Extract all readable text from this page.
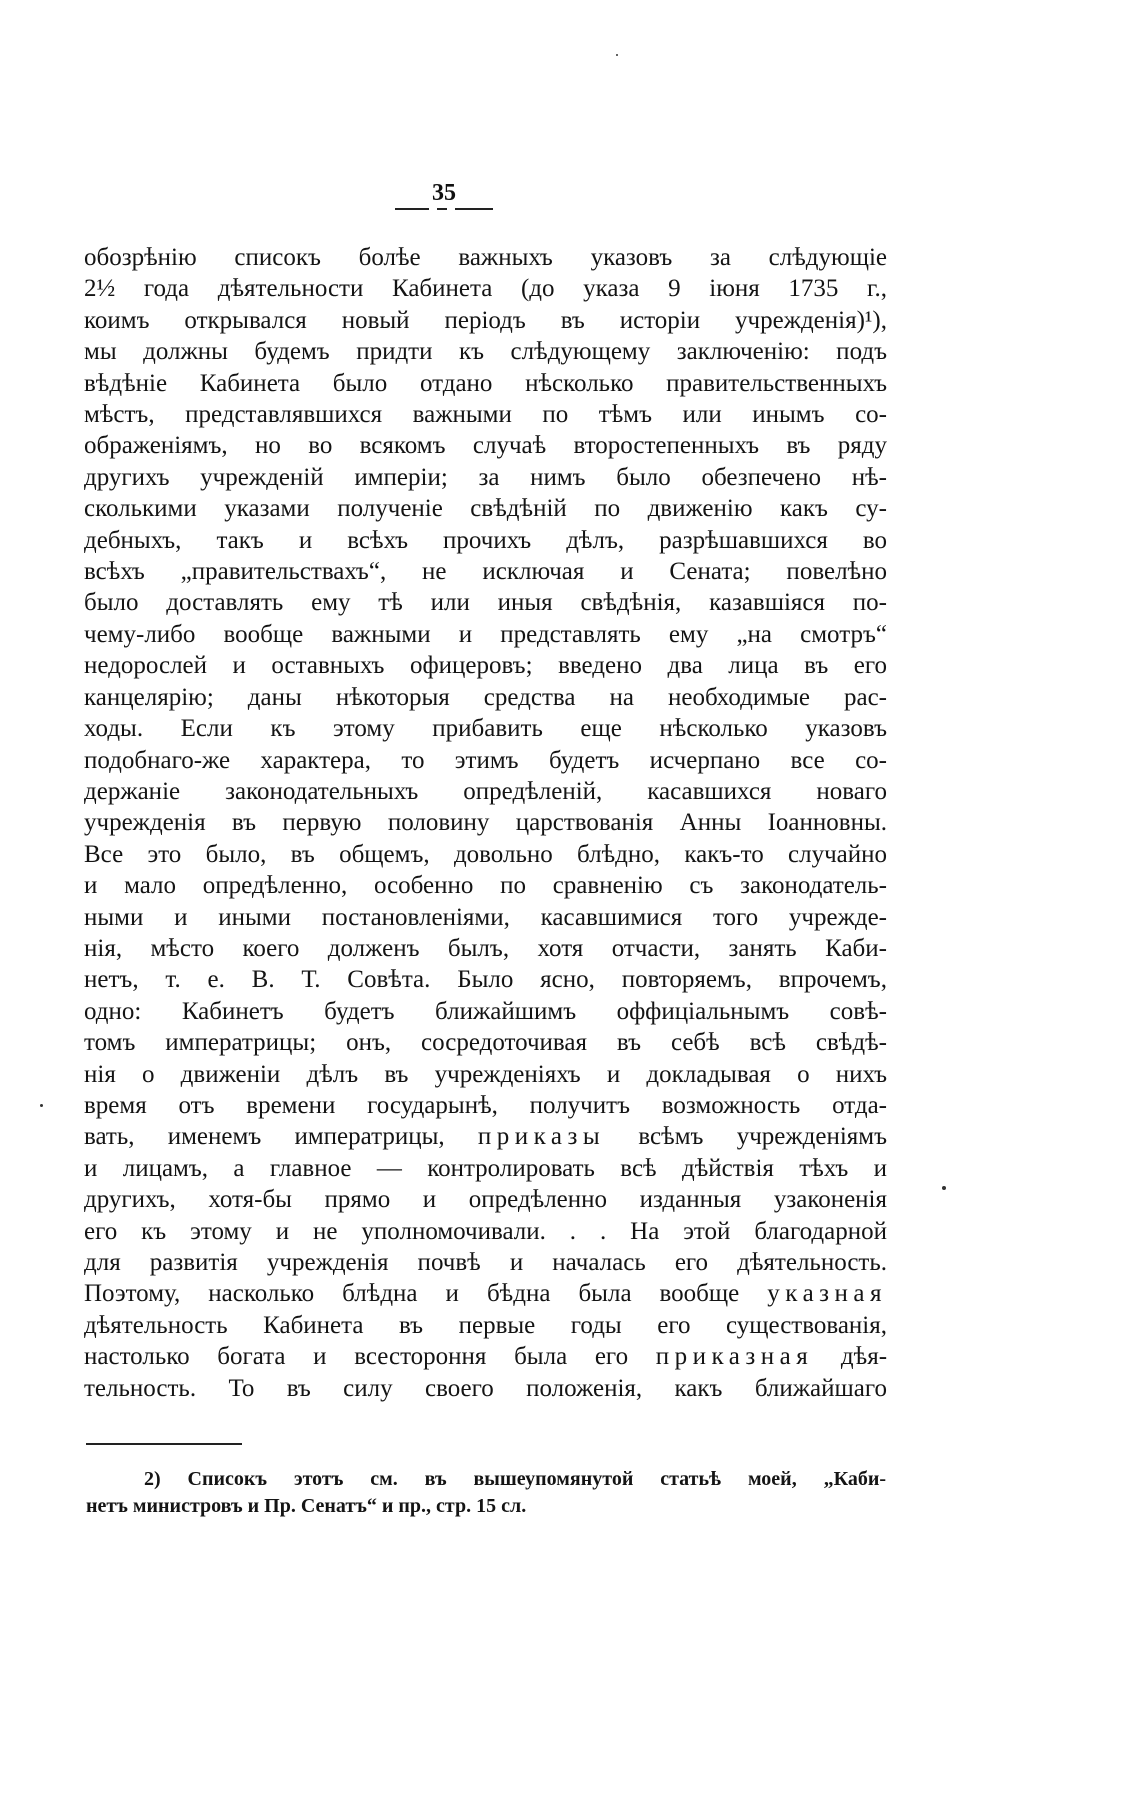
35
обозрѣнію списокъ болѣе важныхъ указовъ за слѣдующіе
2½ года дѣятельности Кабинета (до указа 9 іюня 1735 г.,
коимъ открывался новый періодъ въ исторіи учрежденія)¹),
мы должны будемъ придти къ слѣдующему заключенію: подъ
вѣдѣніе Кабинета было отдано нѣсколько правительственныхъ
мѣстъ, представлявшихся важными по тѣмъ или инымъ со-
ображеніямъ, но во всякомъ случаѣ второстепенныхъ въ ряду
другихъ учрежденій имперіи; за нимъ было обезпечено нѣ-
сколькими указами полученіе свѣдѣній по движенію какъ су-
дебныхъ, такъ и всѣхъ прочихъ дѣлъ, разрѣшавшихся во
всѣхъ „правительствахъ“, не исключая и Сената; повелѣно
было доставлять ему тѣ или иныя свѣдѣнія, казавшіяся по-
чему-либо вообще важными и представлять ему „на смотръ“
недорослей и оставныхъ офицеровъ; введено два лица въ его
канцелярію; даны нѣкоторыя средства на необходимые рас-
ходы. Если къ этому прибавить еще нѣсколько указовъ
подобнаго-же характера, то этимъ будетъ исчерпано все со-
держаніе законодательныхъ опредѣленій, касавшихся новаго
учрежденія въ первую половину царствованія Анны Іоанновны.
Все это было, въ общемъ, довольно блѣдно, какъ-то случайно
и мало опредѣленно, особенно по сравненію съ законодатель-
ными и иными постановленіями, касавшимися того учрежде-
нія, мѣсто коего долженъ былъ, хотя отчасти, занять Каби-
нетъ, т. е. В. Т. Совѣта. Было ясно, повторяемъ, впрочемъ,
одно: Кабинетъ будетъ ближайшимъ оффиціальнымъ совѣ-
томъ императрицы; онъ, сосредоточивая въ себѣ всѣ свѣдѣ-
нія о движеніи дѣлъ въ учрежденіяхъ и докладывая о нихъ
время отъ времени государынѣ, получитъ возможность отда-
вать, именемъ императрицы, приказы всѣмъ учрежденіямъ
и лицамъ, а главное — контролировать всѣ дѣйствія тѣхъ и
другихъ, хотя-бы прямо и опредѣленно изданныя узаконенія
его къ этому и не уполномочивали. . . На этой благодарной
для развитія учрежденія почвѣ и началась его дѣятельность.
Поэтому, насколько блѣдна и бѣдна была вообще указная
дѣятельность Кабинета въ первые годы его существованія,
настолько богата и всестороння была его приказная дѣя-
тельность. То въ силу своего положенія, какъ ближайшаго
2) Списокъ этотъ см. въ вышеупомянутой статьѣ моей, „Каби-
нетъ министровъ и Пр. Сенатъ“ и пр., стр. 15 сл.
